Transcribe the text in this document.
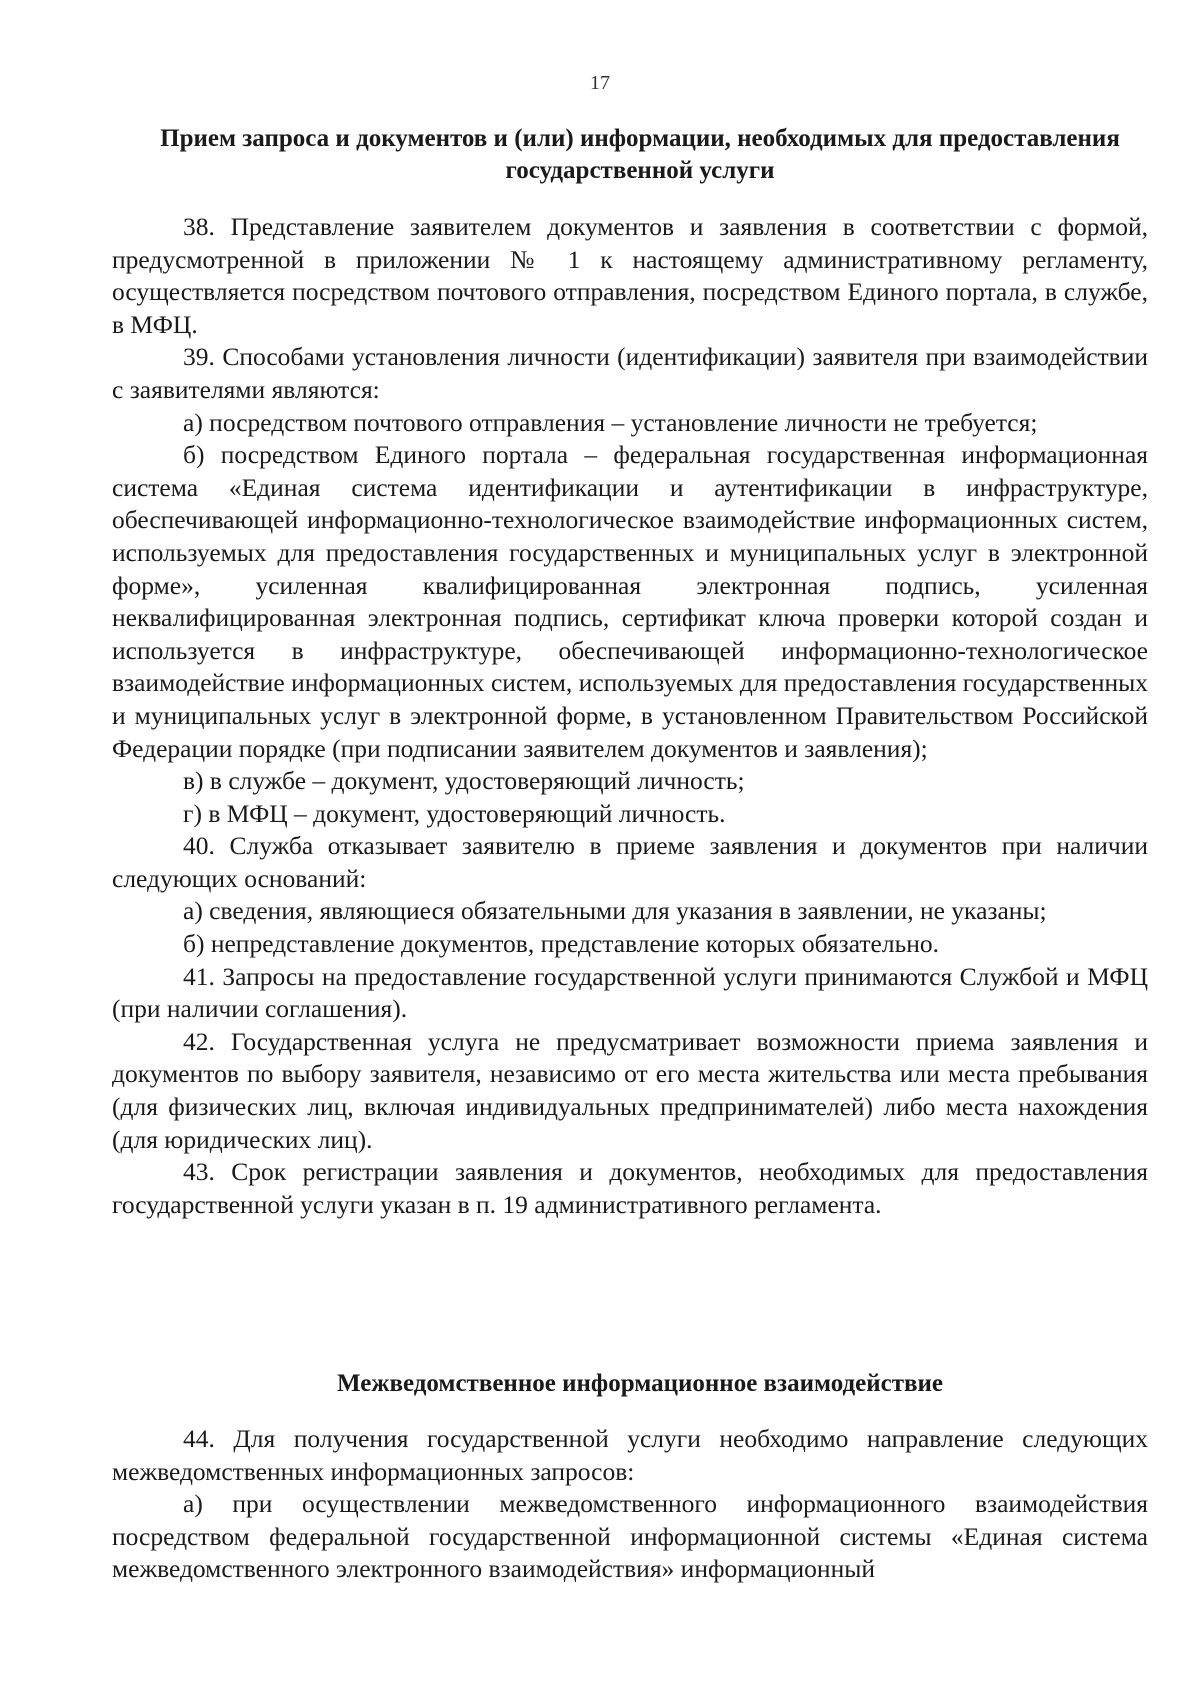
17
Прием запроса и документов и (или) информации, необходимых для предоставления государственной услуги

38. Представление заявителем документов и заявления в соответствии с формой, предусмотренной в приложении № 1 к настоящему административному регламенту, осуществляется посредством почтового отправления, посредством Единого портала, в службе, в МФЦ.

39. Способами установления личности (идентификации) заявителя при взаимодействии с заявителями являются:

а) посредством почтового отправления – установление личности не требуется;

б) посредством Единого портала – федеральная государственная информационная система «Единая система идентификации и аутентификации в инфраструктуре, обеспечивающей информационно-технологическое взаимодействие информационных систем, используемых для предоставления государственных и муниципальных услуг в электронной форме», усиленная квалифицированная электронная подпись, усиленная неквалифицированная электронная подпись, сертификат ключа проверки которой создан и используется в инфраструктуре, обеспечивающей информационно-технологическое взаимодействие информационных систем, используемых для предоставления государственных и муниципальных услуг в электронной форме, в установленном Правительством Российской Федерации порядке (при подписании заявителем документов и заявления);

в) в службе – документ, удостоверяющий личность;

г) в МФЦ – документ, удостоверяющий личность.

40. Служба отказывает заявителю в приеме заявления и документов при наличии следующих оснований:

а) сведения, являющиеся обязательными для указания в заявлении, не указаны;

б) непредставление документов, представление которых обязательно.

41. Запросы на предоставление государственной услуги принимаются Службой и МФЦ (при наличии соглашения).

42. Государственная услуга не предусматривает возможности приема заявления и документов по выбору заявителя, независимо от его места жительства или места пребывания (для физических лиц, включая индивидуальных предпринимателей) либо места нахождения (для юридических лиц).

43. Срок регистрации заявления и документов, необходимых для предоставления государственной услуги указан в п. 19 административного регламента.

Межведомственное информационное взаимодействие

44. Для получения государственной услуги необходимо направление следующих межведомственных информационных запросов:

а) при осуществлении межведомственного информационного взаимодействия посредством федеральной государственной информационной системы «Единая система межведомственного электронного взаимодействия» информационный
